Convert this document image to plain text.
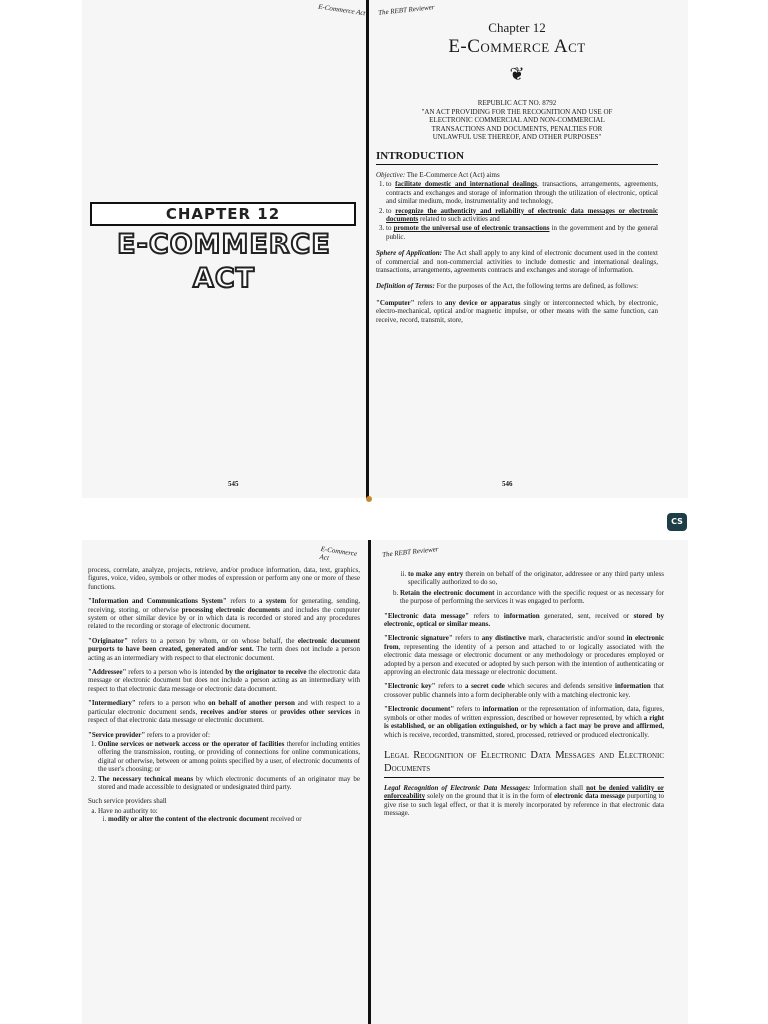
E-Commerce Act
CHAPTER 12
E-COMMERCE
ACT
545
The REBT Reviewer
Chapter 12
E-Commerce Act
❦
REPUBLIC ACT NO. 8792
"AN ACT PROVIDING FOR THE RECOGNITION AND USE OF ELECTRONIC COMMERCIAL AND NON-COMMERCIAL TRANSACTIONS AND DOCUMENTS, PENALTIES FOR UNLAWFUL USE THEREOF, AND OTHER PURPOSES"
INTRODUCTION

Objective: The E-Commerce Act (Act) aims

1. to facilitate domestic and international dealings, transactions, arrangements, agreements, contracts and exchanges and storage of information through the utilization of electronic, optical and similar medium, mode, instrumentality and technology,
2. to recognize the authenticity and reliability of electronic data messages or electronic documents related to such activities and
3. to promote the universal use of electronic transactions in the government and by the general public.

Sphere of Application: The Act shall apply to any kind of electronic document used in the context of commercial and non-commercial activities to include domestic and international dealings, transactions, arrangements, agreements contracts and exchanges and storage of information.

Definition of Terms: For the purposes of the Act, the following terms are defined, as follows:

"Computer" refers to any device or apparatus singly or interconnected which, by electronic, electro-mechanical, optical and/or magnetic impulse, or other means with the same function, can receive, record, transmit, store,

546
CS
E-Commerce Act

process, correlate, analyze, projects, retrieve, and/or produce information, data, text, graphics, figures, voice, video, symbols or other modes of expression or perform any one or more of these functions.

"Information and Communications System" refers to a system for generating, sending, receiving, storing, or otherwise processing electronic documents and includes the computer system or other similar device by or in which data is recorded or stored and any procedures related to the recording or storage of electronic document.

"Originator" refers to a person by whom, or on whose behalf, the electronic document purports to have been created, generated and/or sent. The term does not include a person acting as an intermediary with respect to that electronic document.

"Addressee" refers to a person who is intended by the originator to receive the electronic data message or electronic document but does not include a person acting as an intermediary with respect to that electronic data message or electronic data document.

"Intermediary" refers to a person who on behalf of another person and with respect to a particular electronic document sends, receives and/or stores or provides other services in respect of that electronic data message or electronic document.

"Service provider" refers to a provider of:

1. Online services or network access or the operator of facilities therefor including entities offering the transmission, routing, or providing of connections for online communications, digital or otherwise, between or among points specified by a user, of electronic documents of the user's choosing; or
2. The necessary technical means by which electronic documents of an originator may be stored and made accessible to designated or undesignated third party.

Such service providers shall

a. Have no authority to:
i. modify or alter the content of the electronic document received or
The REBT Reviewer
ii. to make any entry therein on behalf of the originator, addressee or any third party unless specifically authorized to do so,
b. Retain the electronic document in accordance with the specific request or as necessary for the purpose of performing the services it was engaged to perform.

"Electronic data message" refers to information generated, sent, received or stored by electronic, optical or similar means.

"Electronic signature" refers to any distinctive mark, characteristic and/or sound in electronic from, representing the identity of a person and attached to or logically associated with the electronic data message or electronic document or any methodology or procedures employed or adopted by a person and executed or adopted by such person with the intention of authenticating or approving an electronic data message or electronic document.

"Electronic key" refers to a secret code which secures and defends sensitive information that crossover public channels into a form decipherable only with a matching electronic key.

"Electronic document" refers to information or the representation of information, data, figures, symbols or other modes of written expression, described or however represented, by which a right is established, or an obligation extinguished, or by which a fact may be prove and affirmed, which is receive, recorded, transmitted, stored, processed, retrieved or produced electronically.

Legal Recognition of Electronic Data Messages and Electronic Documents

Legal Recognition of Electronic Data Messages: Information shall not be denied validity or enforceability solely on the ground that it is in the form of electronic data message purporting to give rise to such legal effect, or that it is merely incorporated by reference in that electronic data message.
